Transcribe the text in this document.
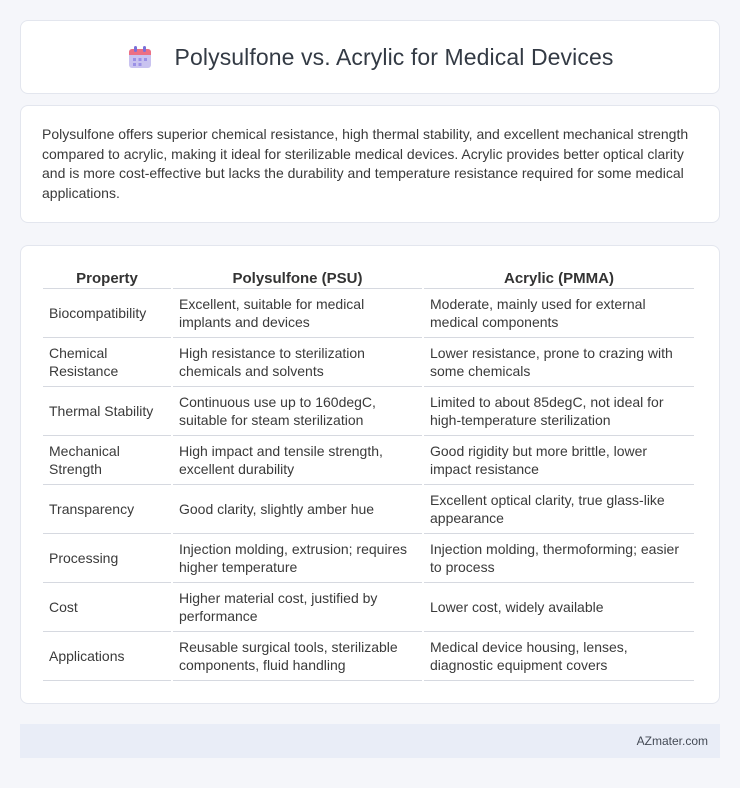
Polysulfone vs. Acrylic for Medical Devices

Polysulfone offers superior chemical resistance, high thermal stability, and excellent mechanical strength compared to acrylic, making it ideal for sterilizable medical devices. Acrylic provides better optical clarity and is more cost-effective but lacks the durability and temperature resistance required for some medical applications.

Property	Polysulfone (PSU)	Acrylic (PMMA)
Biocompatibility	Excellent, suitable for medical implants and devices	Moderate, mainly used for external medical components
Chemical Resistance	High resistance to sterilization chemicals and solvents	Lower resistance, prone to crazing with some chemicals
Thermal Stability	Continuous use up to 160degC, suitable for steam sterilization	Limited to about 85degC, not ideal for high-temperature sterilization
Mechanical Strength	High impact and tensile strength, excellent durability	Good rigidity but more brittle, lower impact resistance
Transparency	Good clarity, slightly amber hue	Excellent optical clarity, true glass-like appearance
Processing	Injection molding, extrusion; requires higher temperature	Injection molding, thermoforming; easier to process
Cost	Higher material cost, justified by performance	Lower cost, widely available
Applications	Reusable surgical tools, sterilizable components, fluid handling	Medical device housing, lenses, diagnostic equipment covers
AZmater.com
